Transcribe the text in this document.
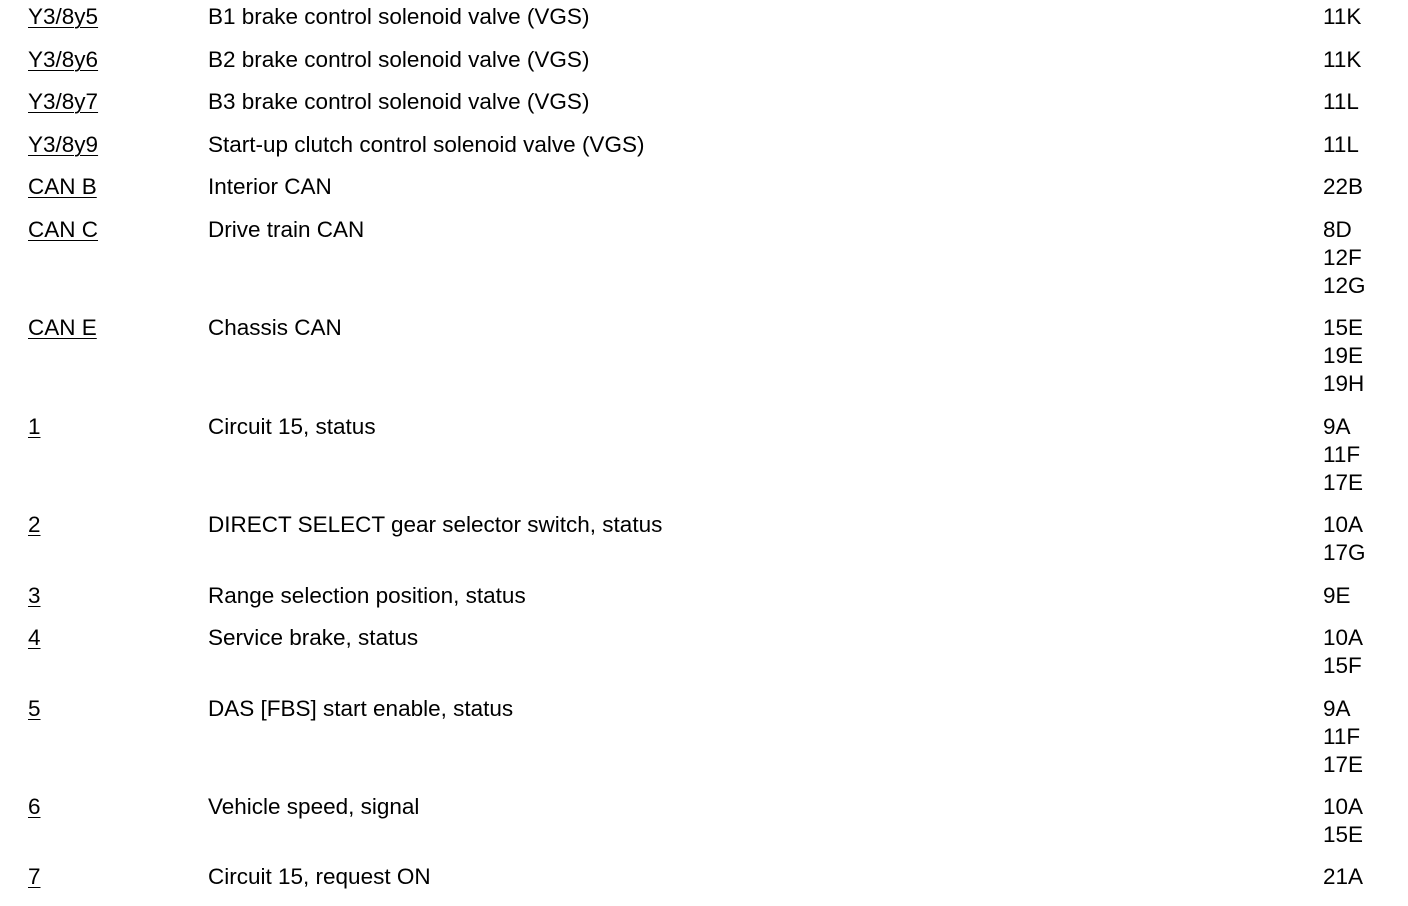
Y3/8y5	B1 brake control solenoid valve (VGS)	11K
Y3/8y6	B2 brake control solenoid valve (VGS)	11K
Y3/8y7	B3 brake control solenoid valve (VGS)	11L
Y3/8y9	Start-up clutch control solenoid valve (VGS)	11L
CAN B	Interior CAN	22B
CAN C	Drive train CAN	8D
12F
12G
CAN E	Chassis CAN	15E
19E
19H
1	Circuit 15, status	9A
11F
17E
2	DIRECT SELECT gear selector switch, status	10A
17G
3	Range selection position, status	9E
4	Service brake, status	10A
15F
5	DAS [FBS] start enable, status	9A
11F
17E
6	Vehicle speed, signal	10A
15E
7	Circuit 15, request ON	21A
